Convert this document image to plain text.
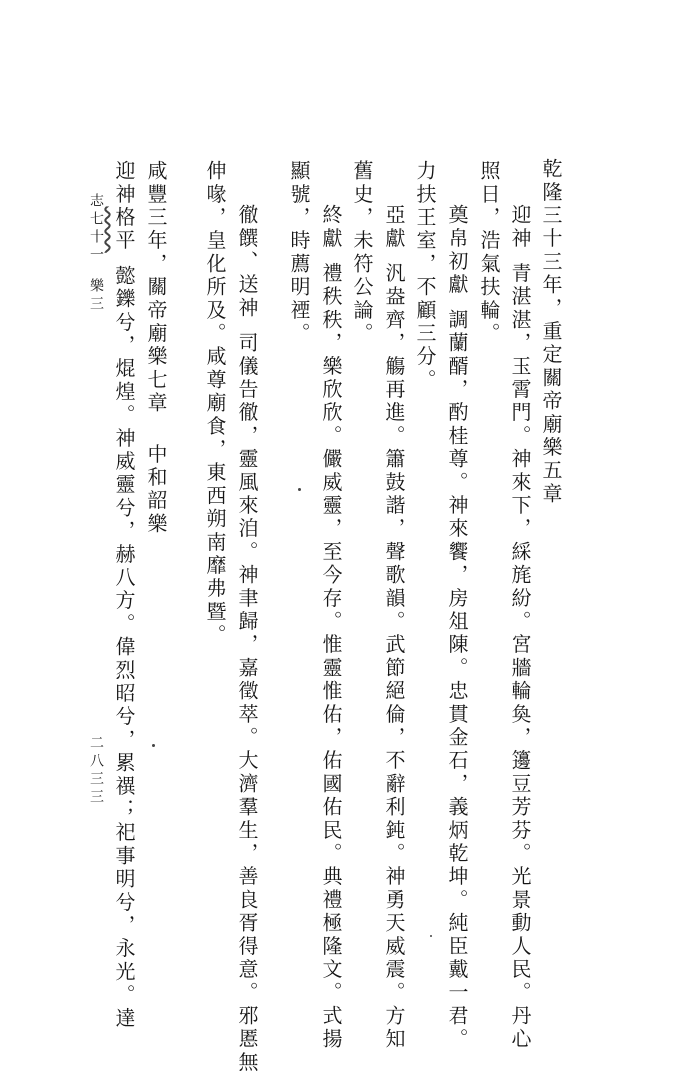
乾隆三十三年，重定關帝廟樂五章
迎神青湛湛，玉霄門。神來下，綵旄紛。宮牆輪奐，籩豆芳芬。光景動人民。丹心
照日，浩氣扶輪。
奠帛初獻調蘭醑，酌桂尊。神來饗，房俎陳。忠貫金石，義炳乾坤。純臣戴一君。
力扶王室，不顧三分。
亞獻汎盎齊，觴再進。簫鼓諧，聲歌韻。武節絕倫，不辭利鈍。神勇天威震。方知
舊史，未符公論。
終獻禮秩秩，樂欣欣。儼威靈，至今存。惟靈惟佑，佑國佑民。典禮極隆文。式揚
顯號，時薦明禋。
徹饌、送神司儀告徹，靈風來洎。神聿歸，嘉徵萃。大濟羣生，善良胥得意。邪慝無
伸喙，皇化所及。咸尊廟食，東西朔南靡弗暨。
咸豐三年，關帝廟樂七章中和韶樂
迎神格平懿鑠兮，焜煌。神威靈兮，赫八方。偉烈昭兮，累禩；祀事明兮，永光。達
志七十一
樂三
二八三三
